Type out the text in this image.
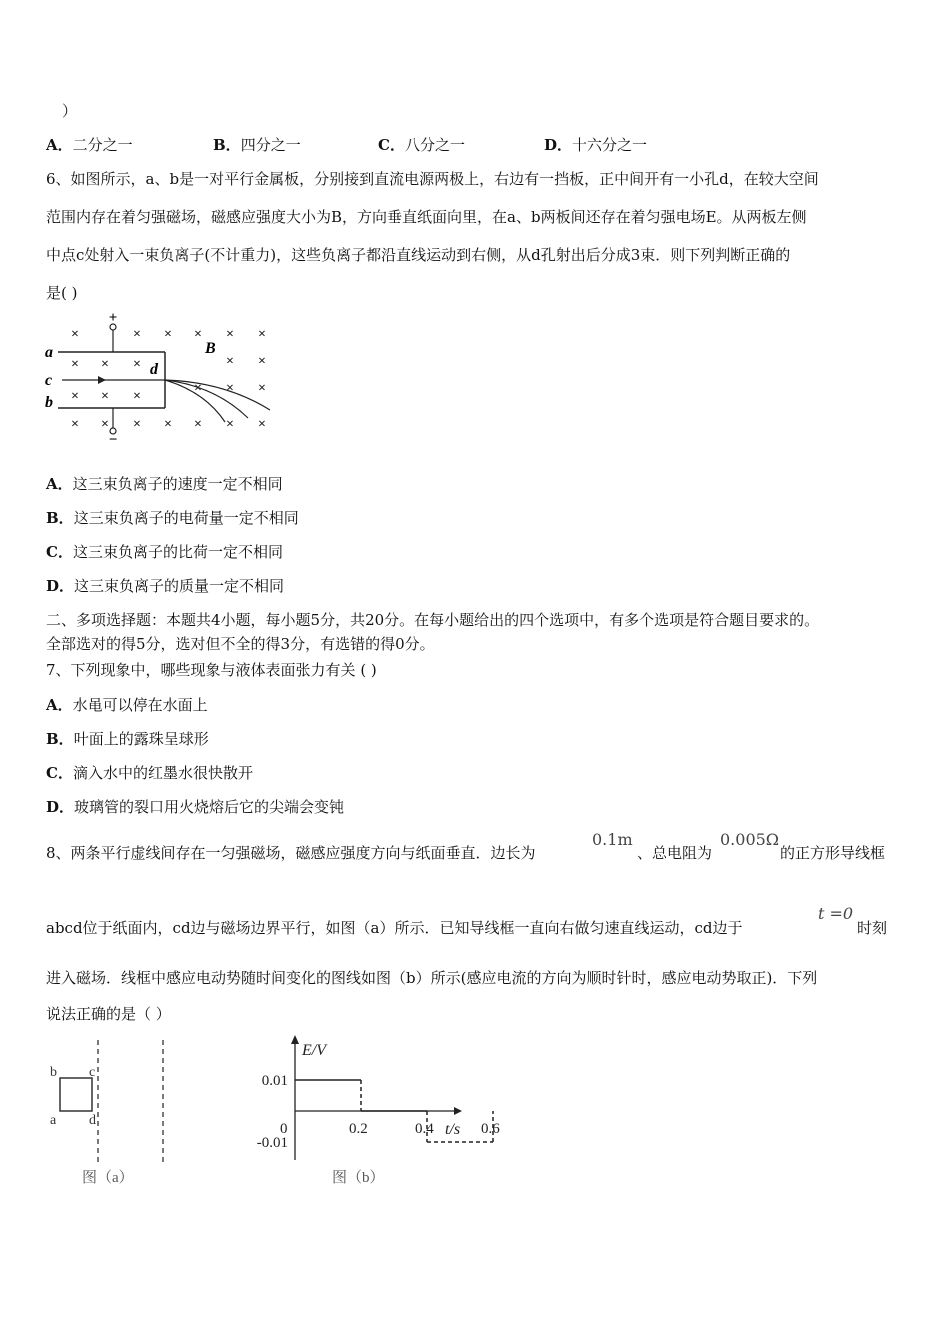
）
A．二分之一	B．四分之一	C．八分之一	D．十六分之一
6、如图所示，a、b是一对平行金属板，分别接到直流电源两极上，右边有一挡板，正中间开有一小孔d，在较大空间
范围内存在着匀强磁场，磁感应强度大小为B，方向垂直纸面向里，在a、b两板间还存在着匀强电场E。从两板左侧
中点c处射入一束负离子(不计重力)，这些负离子都沿直线运动到右侧，从d孔射出后分成3束．则下列判断正确的
是( )
×	× × × × ×
× × ×	× ×
× × ×
× × ×
× × × × × × ×
+
−
a
c
b
d
B
A．这三束负离子的速度一定不相同
B．这三束负离子的电荷量一定不相同
C．这三束负离子的比荷一定不相同
D．这三束负离子的质量一定不相同
二、多项选择题：本题共4小题，每小题5分，共20分。在每小题给出的四个选项中，有多个选项是符合题目要求的。
全部选对的得5分，选对但不全的得3分，有选错的得0分。
7、下列现象中，哪些现象与液体表面张力有关 ( )
A．水黾可以停在水面上
B．叶面上的露珠呈球形
C．滴入水中的红墨水很快散开
D．玻璃管的裂口用火烧熔后它的尖端会变钝
8、两条平行虚线间存在一匀强磁场，磁感应强度方向与纸面垂直．边长为
0.1m
、总电阻为
0.005Ω
的正方形导线框
abcd位于纸面内，cd边与磁场边界平行，如图（a）所示．已知导线框一直向右做匀速直线运动，cd边于
t =0
时刻
进入磁场．线框中感应电动势随时间变化的图线如图（b）所示(感应电流的方向为顺时针时，感应电动势取正)．下列
说法正确的是（ ）
b c
a d
图（a）
E/V
t/s
0
0.01
-0.01
0.2	0.4	0.6
图（b）
